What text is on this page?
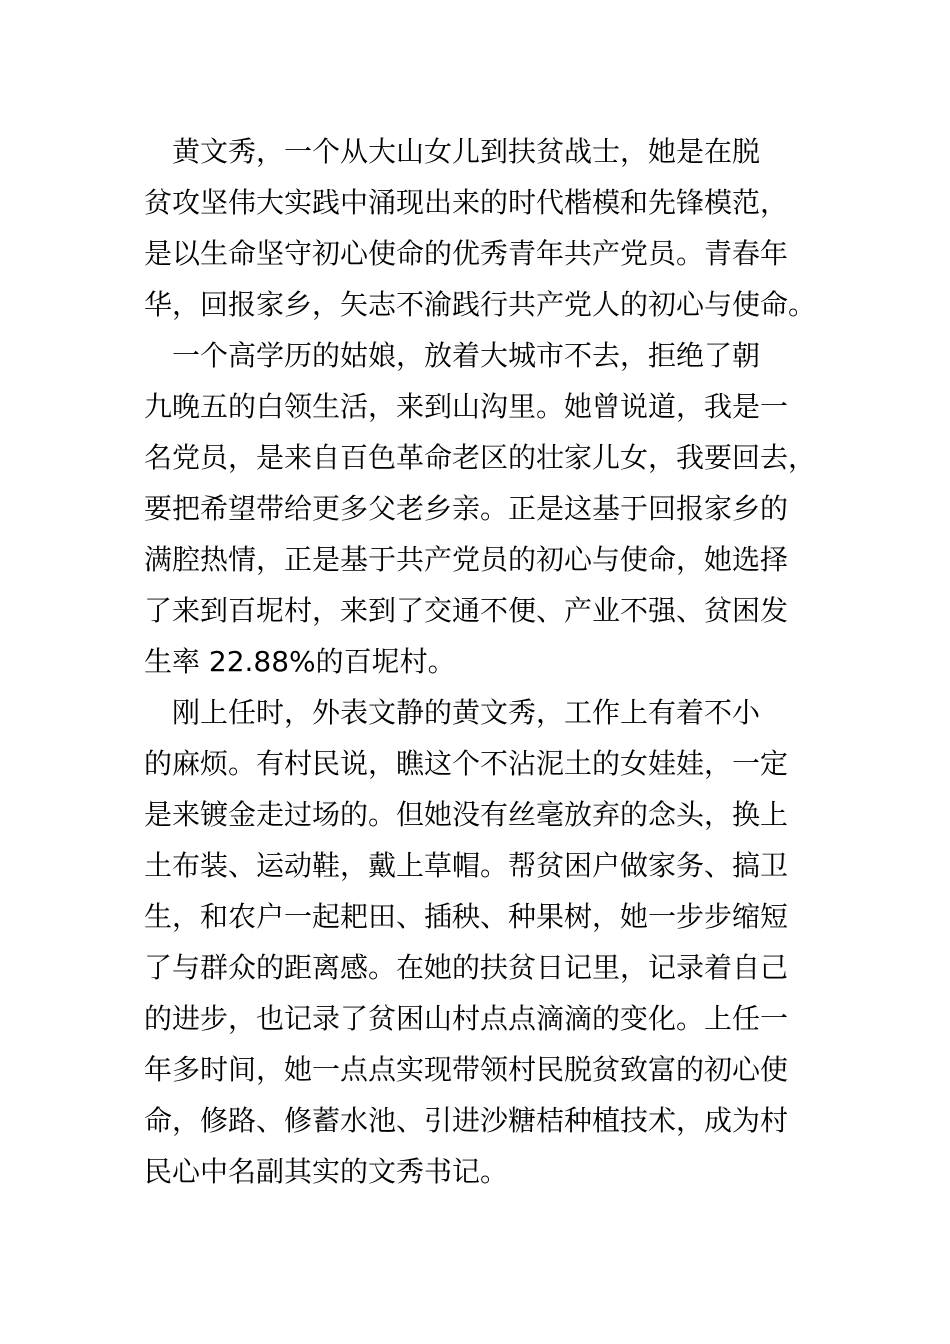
　黄文秀，一个从大山女儿到扶贫战士，她是在脱
贫攻坚伟大实践中涌现出来的时代楷模和先锋模范，
是以生命坚守初心使命的优秀青年共产党员。青春年
华，回报家乡，矢志不渝践行共产党人的初心与使命。
　一个高学历的姑娘，放着大城市不去，拒绝了朝
九晚五的白领生活，来到山沟里。她曾说道，我是一
名党员，是来自百色革命老区的壮家儿女，我要回去，
要把希望带给更多父老乡亲。正是这基于回报家乡的
满腔热情，正是基于共产党员的初心与使命，她选择
了来到百坭村，来到了交通不便、产业不强、贫困发
生率 22.88%的百坭村。
　刚上任时，外表文静的黄文秀，工作上有着不小
的麻烦。有村民说，瞧这个不沾泥土的女娃娃，一定
是来镀金走过场的。但她没有丝毫放弃的念头，换上
土布装、运动鞋，戴上草帽。帮贫困户做家务、搞卫
生，和农户一起耙田、插秧、种果树，她一步步缩短
了与群众的距离感。在她的扶贫日记里，记录着自己
的进步，也记录了贫困山村点点滴滴的变化。上任一
年多时间，她一点点实现带领村民脱贫致富的初心使
命，修路、修蓄水池、引进沙糖桔种植技术，成为村
民心中名副其实的文秀书记。
